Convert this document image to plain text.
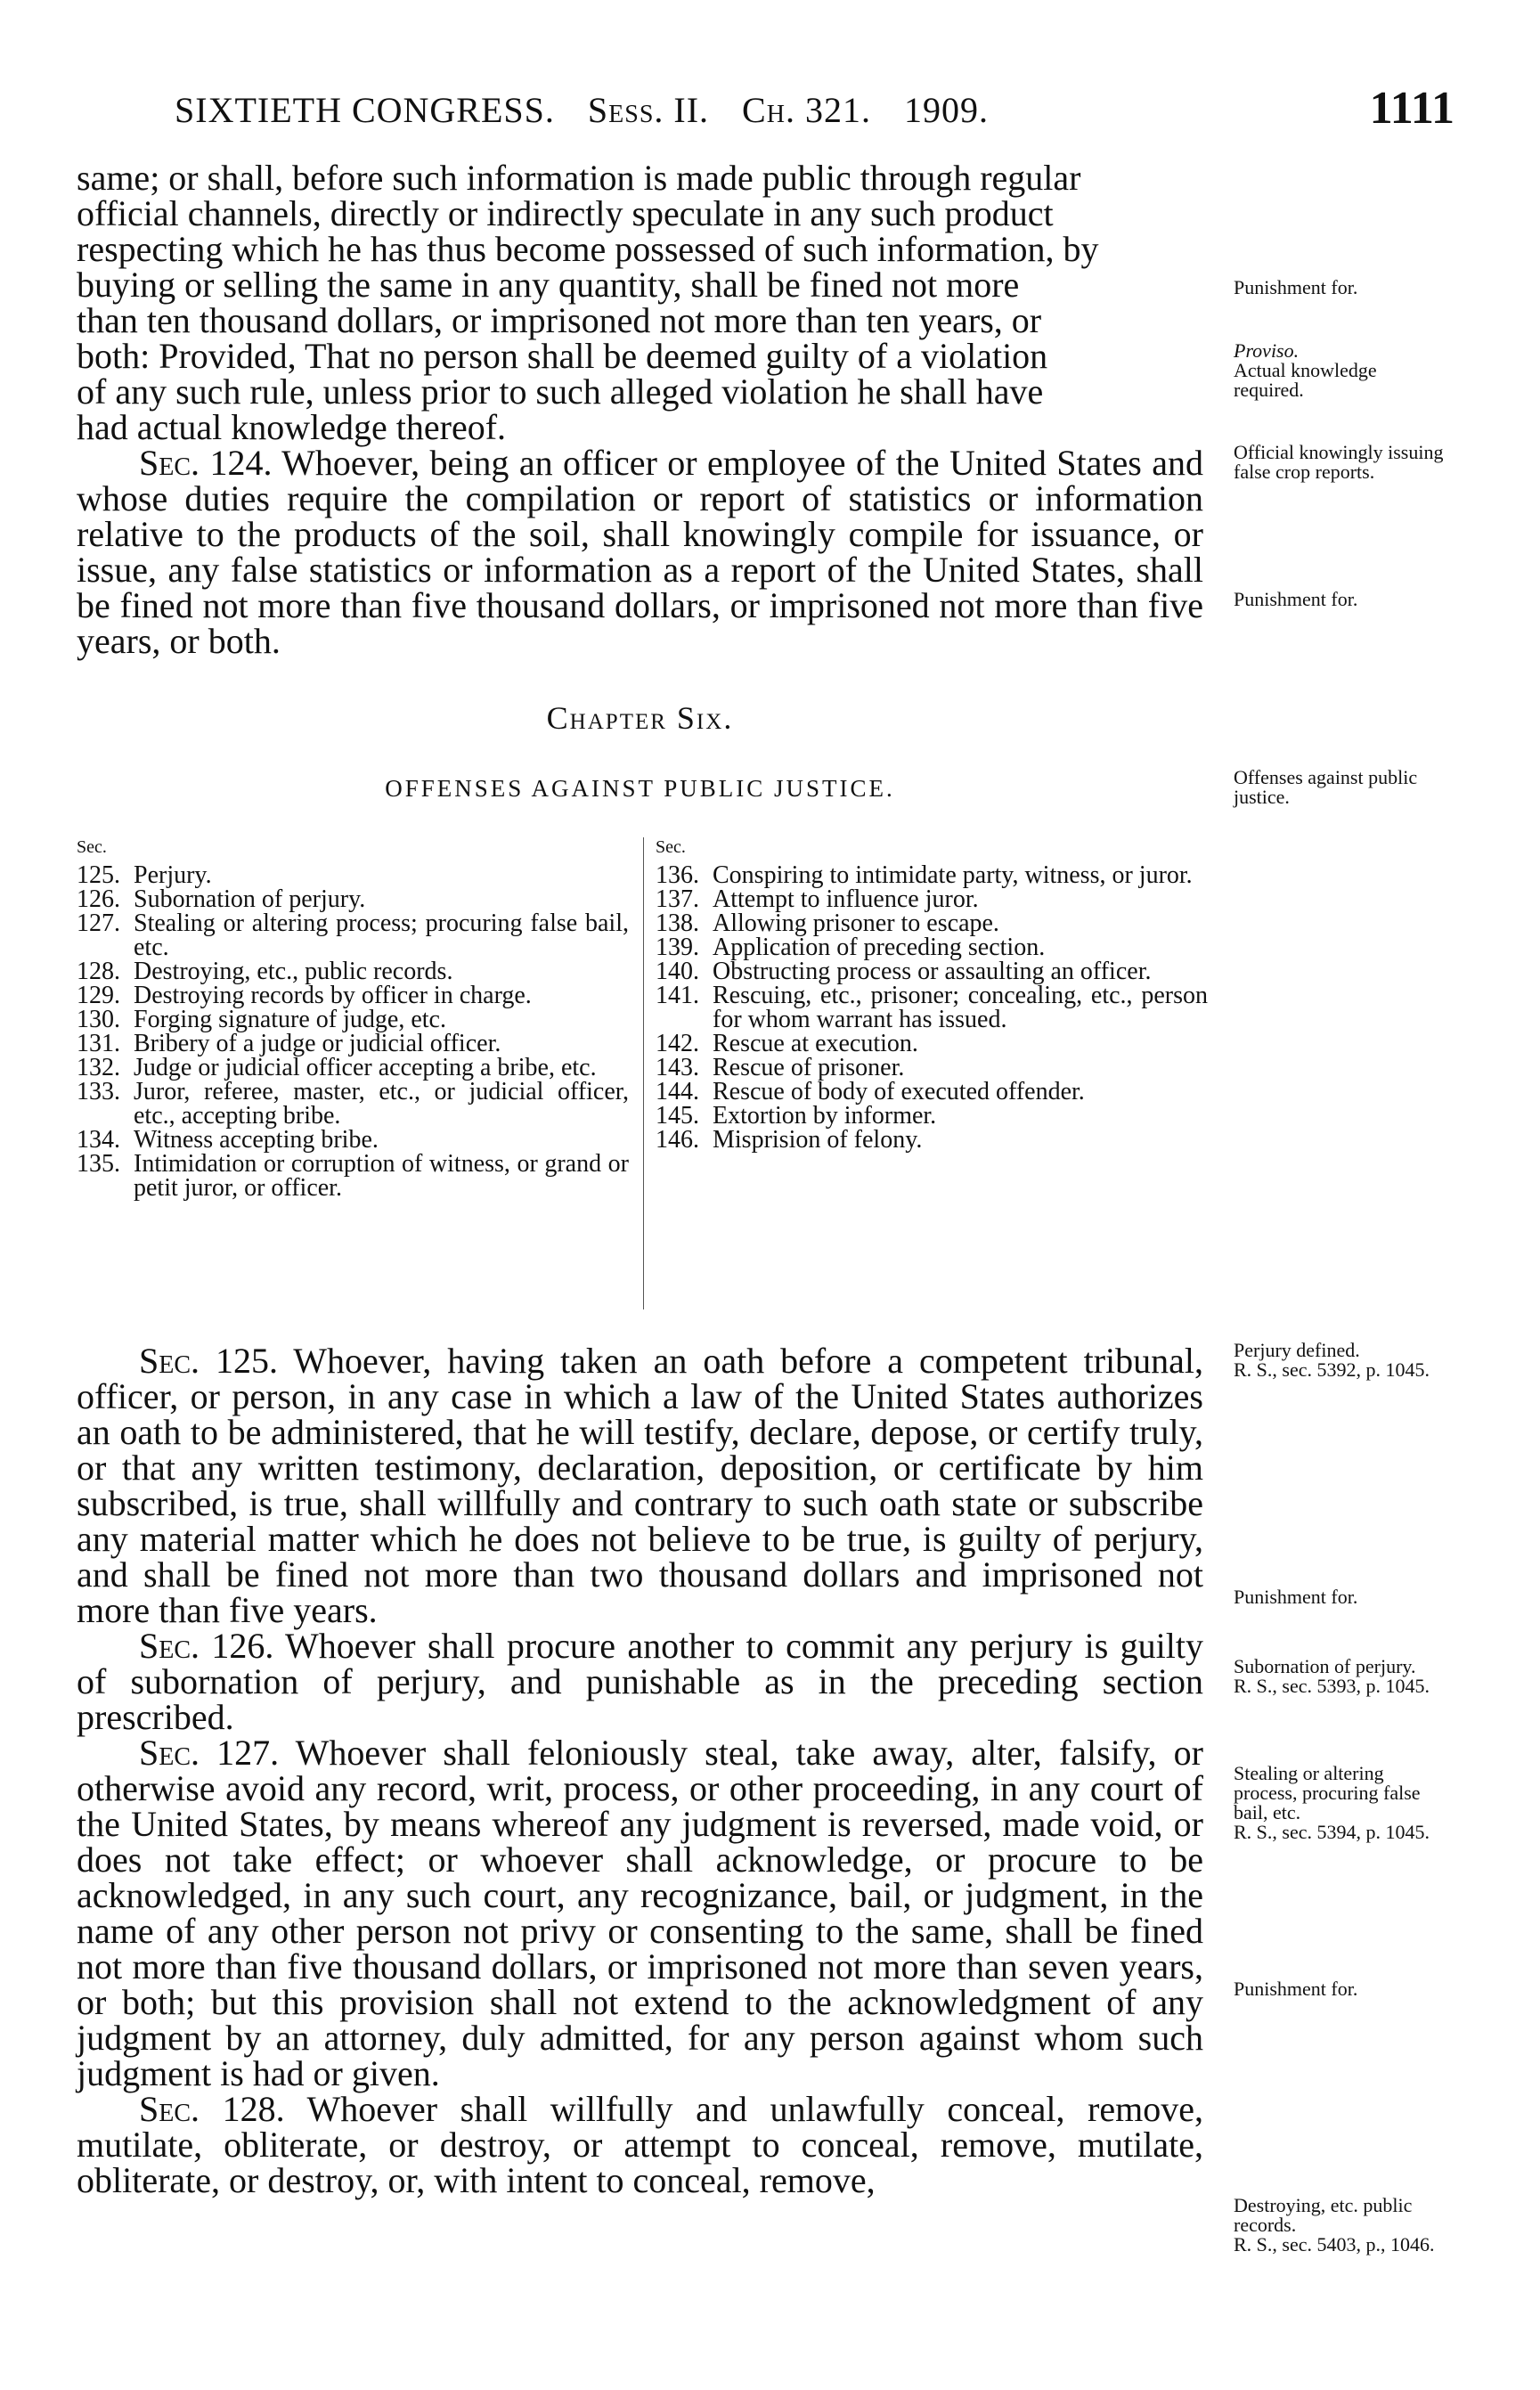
SIXTIETH CONGRESS. Sess. II. Ch. 321. 1909.	1111

same; or shall, before such information is made public through regular

official channels, directly or indirectly speculate in any such product

respecting which he has thus become possessed of such information, by

buying or selling the same in any quantity, shall be fined not more

than ten thousand dollars, or imprisoned not more than ten years, or

both: Provided, That no person shall be deemed guilty of a violation

of any such rule, unless prior to such alleged violation he shall have

had actual knowledge thereof.

Sec. 124. Whoever, being an officer or employee of the United States and whose duties require the compilation or report of statistics or information relative to the products of the soil, shall knowingly compile for issuance, or issue, any false statistics or information as a report of the United States, shall be fined not more than five thousand dollars, or imprisoned not more than five years, or both.

Chapter Six.
OFFENSES AGAINST PUBLIC JUSTICE.
Sec.
125. Perjury.
126. Subornation of perjury.
127. Stealing or altering process; procuring false bail, etc.
128. Destroying, etc., public records.
129. Destroying records by officer in charge.
130. Forging signature of judge, etc.
131. Bribery of a judge or judicial officer.
132. Judge or judicial officer accepting a bribe, etc.
133. Juror, referee, master, etc., or judicial officer, etc., accepting bribe.
134. Witness accepting bribe.
135. Intimidation or corruption of witness, or grand or petit juror, or officer.
Sec.
136. Conspiring to intimidate party, witness, or juror.
137. Attempt to influence juror.
138. Allowing prisoner to escape.
139. Application of preceding section.
140. Obstructing process or assaulting an officer.
141. Rescuing, etc., prisoner; concealing, etc., person for whom warrant has issued.
142. Rescue at execution.
143. Rescue of prisoner.
144. Rescue of body of executed offender.
145. Extortion by informer.
146. Misprision of felony.

Sec. 125. Whoever, having taken an oath before a competent tribunal, officer, or person, in any case in which a law of the United States authorizes an oath to be administered, that he will testify, declare, depose, or certify truly, or that any written testimony, declaration, deposition, or certificate by him subscribed, is true, shall willfully and contrary to such oath state or subscribe any material matter which he does not believe to be true, is guilty of perjury, and shall be fined not more than two thousand dollars and imprisoned not more than five years.

Sec. 126. Whoever shall procure another to commit any perjury is guilty of subornation of perjury, and punishable as in the preceding section prescribed.

Sec. 127. Whoever shall feloniously steal, take away, alter, falsify, or otherwise avoid any record, writ, process, or other proceeding, in any court of the United States, by means whereof any judgment is reversed, made void, or does not take effect; or whoever shall acknowledge, or procure to be acknowledged, in any such court, any recognizance, bail, or judgment, in the name of any other person not privy or consenting to the same, shall be fined not more than five thousand dollars, or imprisoned not more than seven years, or both; but this provision shall not extend to the acknowledgment of any judgment by an attorney, duly admitted, for any person against whom such judgment is had or given.

Sec. 128. Whoever shall willfully and unlawfully conceal, remove, mutilate, obliterate, or destroy, or attempt to conceal, remove, mutilate, obliterate, or destroy, or, with intent to conceal, remove,

Punishment for.
Proviso.
Actual knowledge required.
Official knowingly issuing false crop reports.
Punishment for.
Offenses against public justice.
Perjury defined.
R. S., sec. 5392, p. 1045.
Punishment for.
Subornation of perjury.
R. S., sec. 5393, p. 1045.
Stealing or altering process, procuring false bail, etc.
R. S., sec. 5394, p. 1045.
Punishment for.
Destroying, etc. public records.
R. S., sec. 5403, p., 1046.
